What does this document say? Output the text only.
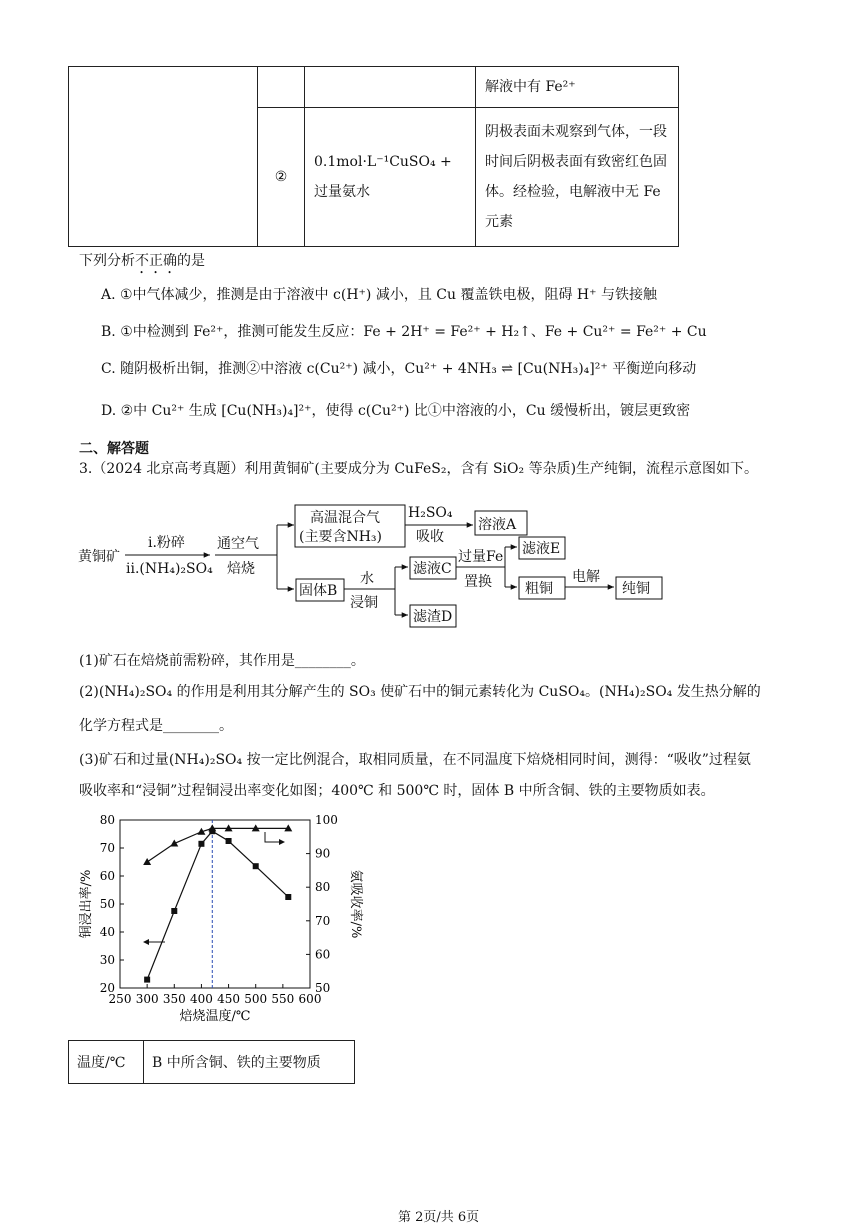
			解液中有 Fe²⁺
	②	0.1mol·L⁻¹CuSO₄ + 过量氨水	阴极表面未观察到气体，一段时间后阴极表面有致密红色固体。经检验，电解液中无 Fe 元素
下列分析不正确的是
A. ①中气体减少，推测是由于溶液中 c(H⁺) 减小，且 Cu 覆盖铁电极，阻碍 H⁺ 与铁接触
B. ①中检测到 Fe²⁺，推测可能发生反应：Fe + 2H⁺ = Fe²⁺ + H₂↑、Fe + Cu²⁺ = Fe²⁺ + Cu
C. 随阴极析出铜，推测②中溶液 c(Cu²⁺) 减小，Cu²⁺ + 4NH₃ ⇌ [Cu(NH₃)₄]²⁺ 平衡逆向移动
D. ②中 Cu²⁺ 生成 [Cu(NH₃)₄]²⁺，使得 c(Cu²⁺) 比①中溶液的小，Cu 缓慢析出，镀层更致密
二、解答题
3.（2024 北京高考真题）利用黄铜矿(主要成分为 CuFeS₂，含有 SiO₂ 等杂质)生产纯铜，流程示意图如下。
黄铜矿
i.粉碎
ii.(NH₄)₂SO₄
通空气
焙烧
高温混合气
(主要含NH₃)
H₂SO₄
吸收
溶液A
固体B
水
浸铜
滤液C
滤渣D
过量Fe
置换
滤液E
粗铜
电解
纯铜
(1)矿石在焙烧前需粉碎，其作用是________。
(2)(NH₄)₂SO₄ 的作用是利用其分解产生的 SO₃ 使矿石中的铜元素转化为 CuSO₄。(NH₄)₂SO₄ 发生热分解的
化学方程式是________。
(3)矿石和过量(NH₄)₂SO₄ 按一定比例混合，取相同质量，在不同温度下焙烧相同时间，测得：“吸收”过程氨
吸收率和“浸铜”过程铜浸出率变化如图；400℃ 和 500℃ 时，固体 B 中所含铜、铁的主要物质如表。
250 300 350 400 450 500 550 600
20
30
40
50
60
70
80
50
60
70
80
90
100
焙烧温度/℃
铜浸出率/%	氨吸收率/%
温度/℃	B 中所含铜、铁的主要物质
第 2页/共 6页
